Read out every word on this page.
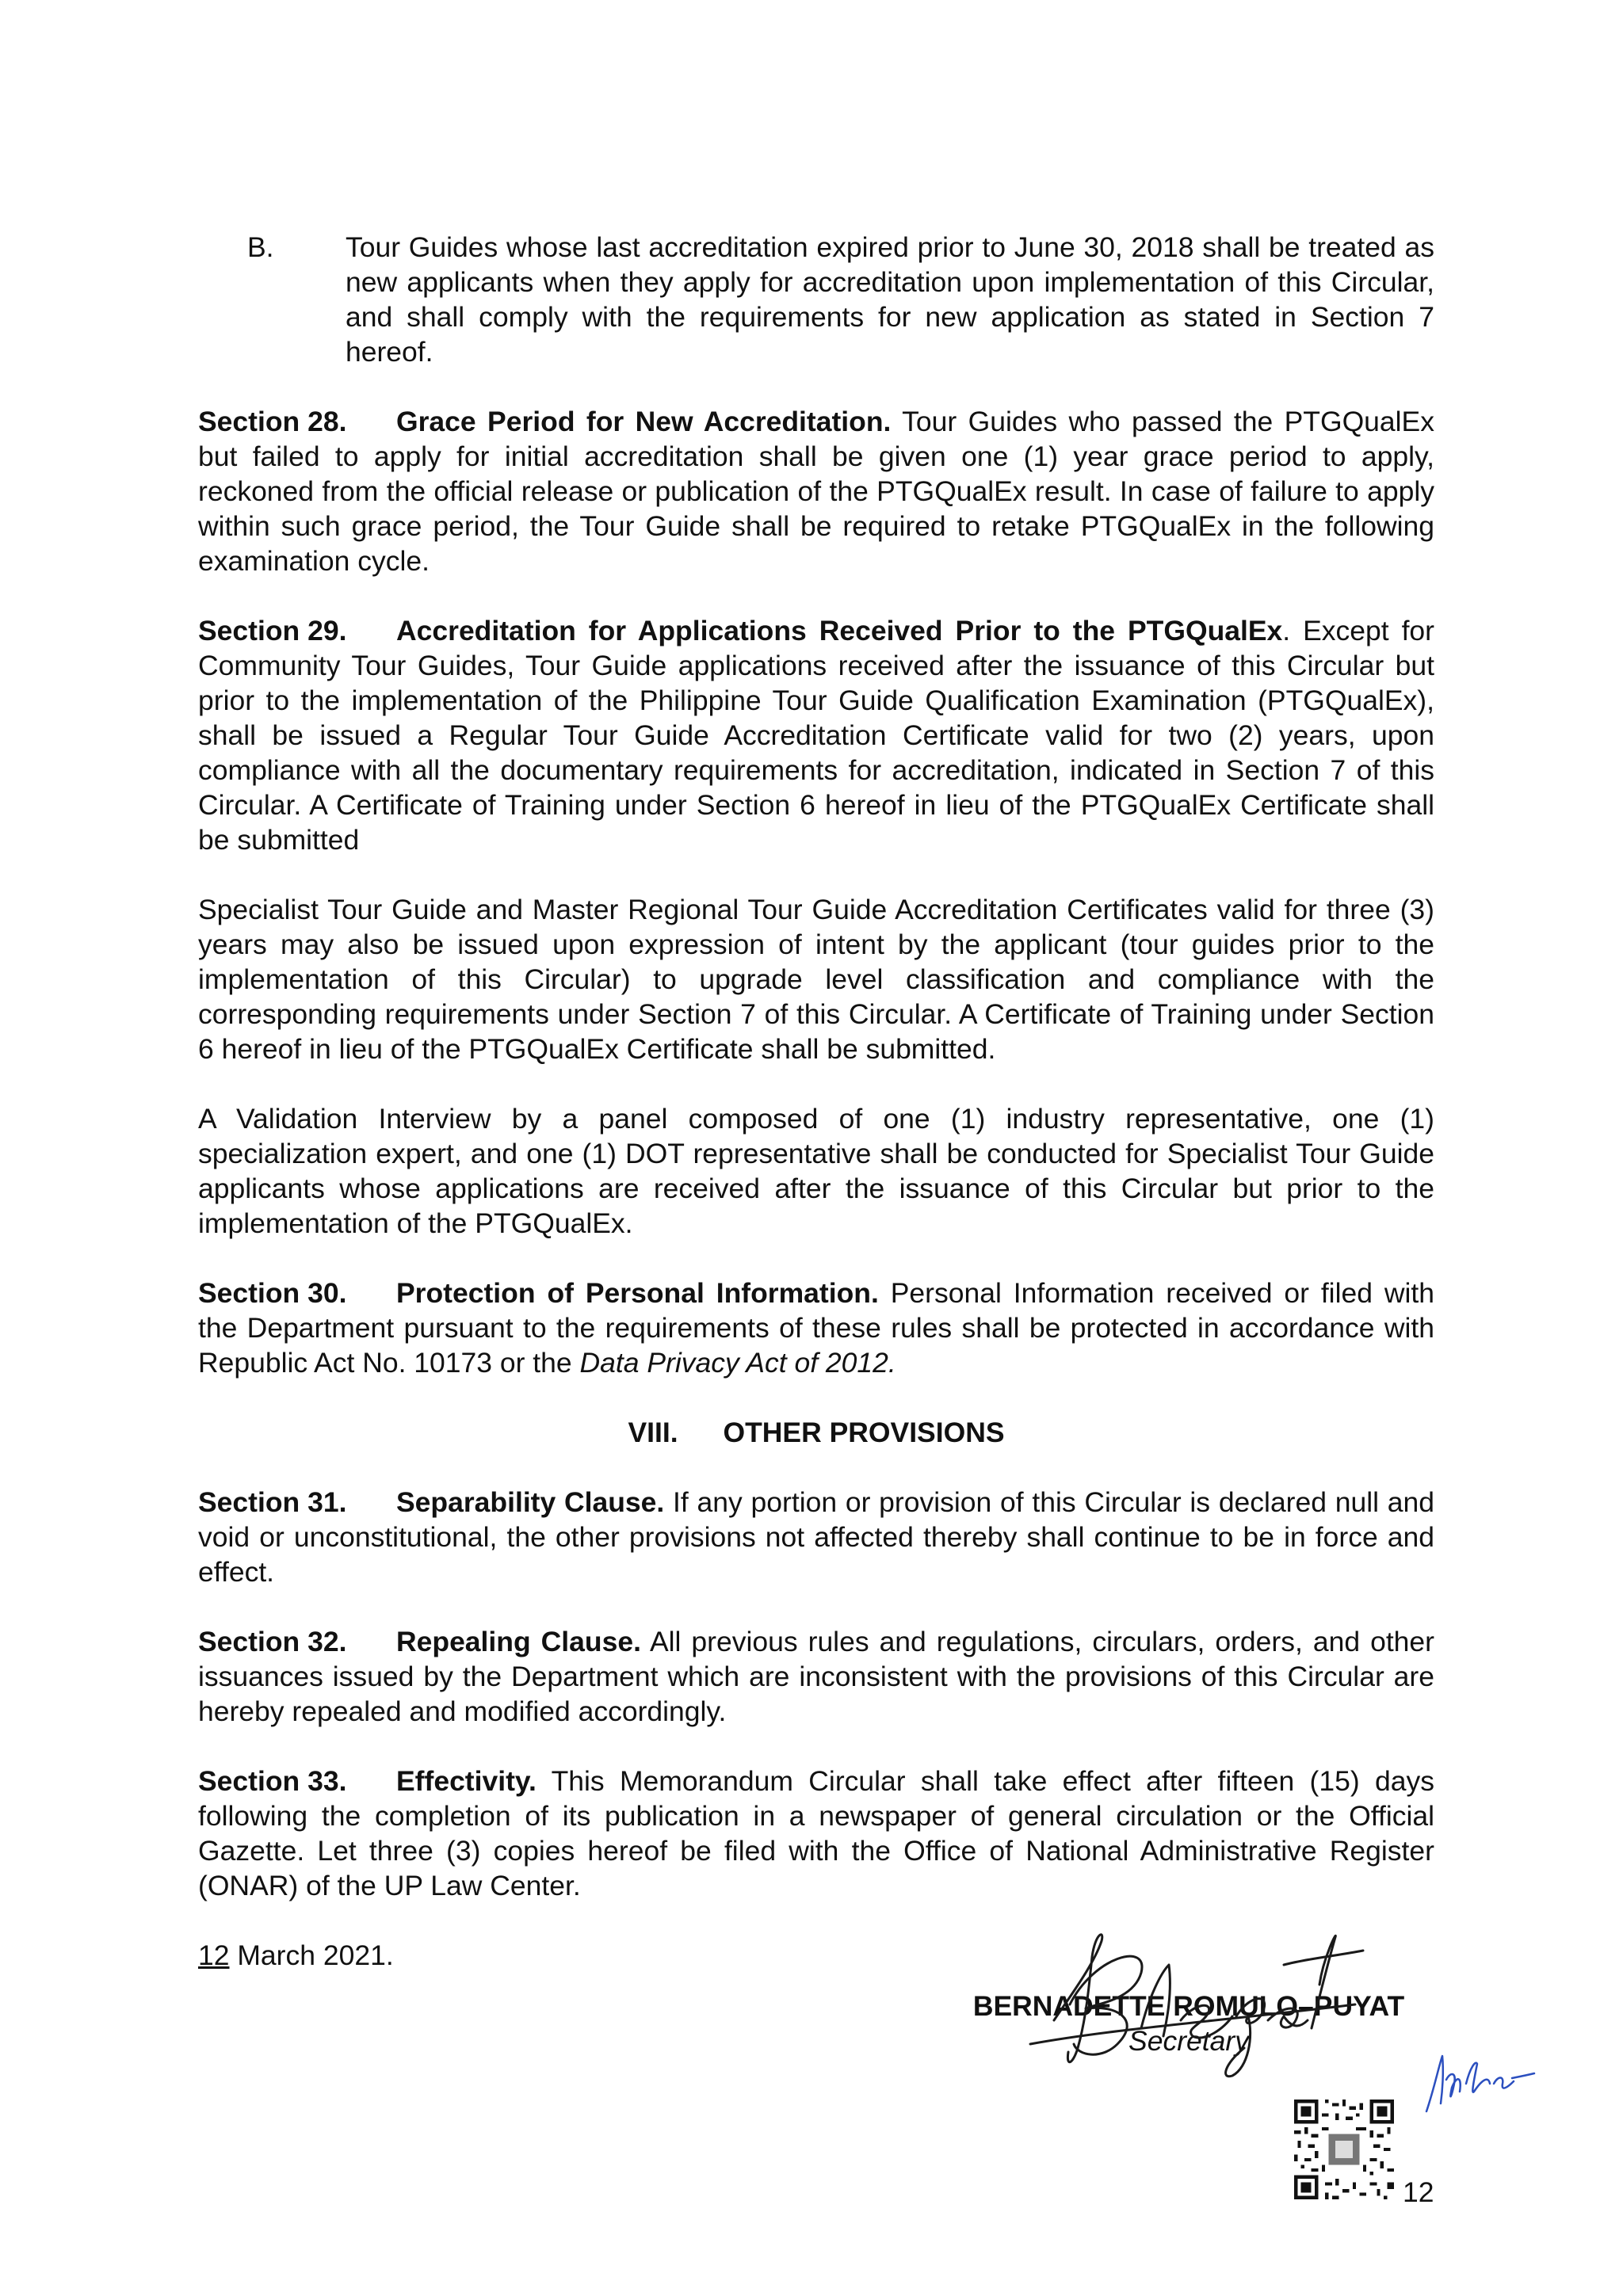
B.	Tour Guides whose last accreditation expired prior to June 30, 2018 shall be treated as new applicants when they apply for accreditation upon implementation of this Circular, and shall comply with the requirements for new application as stated in Section 7 hereof.

Section 28. Grace Period for New Accreditation. Tour Guides who passed the PTGQualEx but failed to apply for initial accreditation shall be given one (1) year grace period to apply, reckoned from the official release or publication of the PTGQualEx result. In case of failure to apply within such grace period, the Tour Guide shall be required to retake PTGQualEx in the following examination cycle.

Section 29. Accreditation for Applications Received Prior to the PTGQualEx. Except for Community Tour Guides, Tour Guide applications received after the issuance of this Circular but prior to the implementation of the Philippine Tour Guide Qualification Examination (PTGQualEx), shall be issued a Regular Tour Guide Accreditation Certificate valid for two (2) years, upon compliance with all the documentary requirements for accreditation, indicated in Section 7 of this Circular. A Certificate of Training under Section 6 hereof in lieu of the PTGQualEx Certificate shall be submitted

Specialist Tour Guide and Master Regional Tour Guide Accreditation Certificates valid for three (3) years may also be issued upon expression of intent by the applicant (tour guides prior to the implementation of this Circular) to upgrade level classification and compliance with the corresponding requirements under Section 7 of this Circular. A Certificate of Training under Section 6 hereof in lieu of the PTGQualEx Certificate shall be submitted.

A Validation Interview by a panel composed of one (1) industry representative, one (1) specialization expert, and one (1) DOT representative shall be conducted for Specialist Tour Guide applicants whose applications are received after the issuance of this Circular but prior to the implementation of the PTGQualEx.

Section 30. Protection of Personal Information. Personal Information received or filed with the Department pursuant to the requirements of these rules shall be protected in accordance with Republic Act No. 10173 or the Data Privacy Act of 2012.

VIII. OTHER PROVISIONS

Section 31. Separability Clause. If any portion or provision of this Circular is declared null and void or unconstitutional, the other provisions not affected thereby shall continue to be in force and effect.

Section 32. Repealing Clause. All previous rules and regulations, circulars, orders, and other issuances issued by the Department which are inconsistent with the provisions of this Circular are hereby repealed and modified accordingly.

Section 33. Effectivity. This Memorandum Circular shall take effect after fifteen (15) days following the completion of its publication in a newspaper of general circulation or the Official Gazette. Let three (3) copies hereof be filed with the Office of National Administrative Register (ONAR) of the UP Law Center.

12 March 2021.

BERNADETTE ROMULO–PUYAT
Secretary
12
